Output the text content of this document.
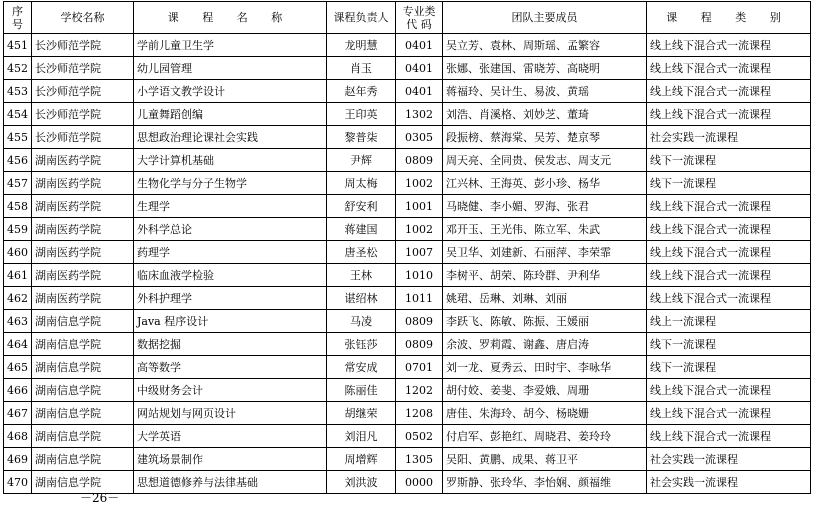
序号	学校名称	课 程 名 称	课程负责人	专业类代 码	团队主要成员	课 程 类 别
451	长沙师范学院	学前儿童卫生学	龙明慧	0401	吴立芳、袁林、周斯瑶、孟繁容	线上线下混合式一流课程
452	长沙师范学院	幼儿园管理	肖玉	0401	张娜、张建国、雷晓芳、高晓明	线上线下混合式一流课程
453	长沙师范学院	小学语文教学设计	赵年秀	0401	蒋福玲、吴计生、易波、黄瑶	线上线下混合式一流课程
454	长沙师范学院	儿童舞蹈创编	王印英	1302	刘浩、肖溪格、刘妙芝、董琦	线上线下混合式一流课程
455	长沙师范学院	思想政治理论课社会实践	黎普柒	0305	段振榜、蔡海棠、吴芳、楚京琴	社会实践一流课程
456	湖南医药学院	大学计算机基础	尹辉	0809	周天亮、全同贵、侯发志、周支元	线下一流课程
457	湖南医药学院	生物化学与分子生物学	周太梅	1002	江兴林、王海英、彭小珍、杨华	线下一流课程
458	湖南医药学院	生理学	舒安利	1001	马晓健、李小媚、罗海、张君	线上线下混合式一流课程
459	湖南医药学院	外科学总论	蒋建国	1002	邓开玉、王光伟、陈立军、朱武	线上线下混合式一流课程
460	湖南医药学院	药理学	唐圣松	1007	吴卫华、刘建新、石丽萍、李荣霏	线上线下混合式一流课程
461	湖南医药学院	临床血液学检验	王林	1010	李树平、胡荣、陈玲群、尹利华	线上线下混合式一流课程
462	湖南医药学院	外科护理学	谌绍林	1011	姚珺、岳琳、刘琳、刘丽	线上线下混合式一流课程
463	湖南信息学院	Java 程序设计	马凌	0809	李跃飞、陈敏、陈振、王媛丽	线上一流课程
464	湖南信息学院	数据挖掘	张钰莎	0809	余波、罗莉霞、谢鑫、唐启涛	线下一流课程
465	湖南信息学院	高等数学	常安成	0701	刘一龙、夏秀云、田时宇、李咏华	线下一流课程
466	湖南信息学院	中级财务会计	陈丽佳	1202	胡付姣、姜斐、李爱娥、周珊	线上线下混合式一流课程
467	湖南信息学院	网站规划与网页设计	胡继荣	1208	唐佳、朱海玲、胡今、杨晓姗	线上线下混合式一流课程
468	湖南信息学院	大学英语	刘泪凡	0502	付启军、彭艳红、周晓君、姜玲玲	线上线下混合式一流课程
469	湖南信息学院	建筑场景制作	周增辉	1305	吴阳、黄鹏、成果、蒋卫平	社会实践一流课程
470	湖南信息学院	思想道德修养与法律基础	刘洪波	0000	罗斯静、张玲华、李怡娴、颜福维	社会实践一流课程
－26－
